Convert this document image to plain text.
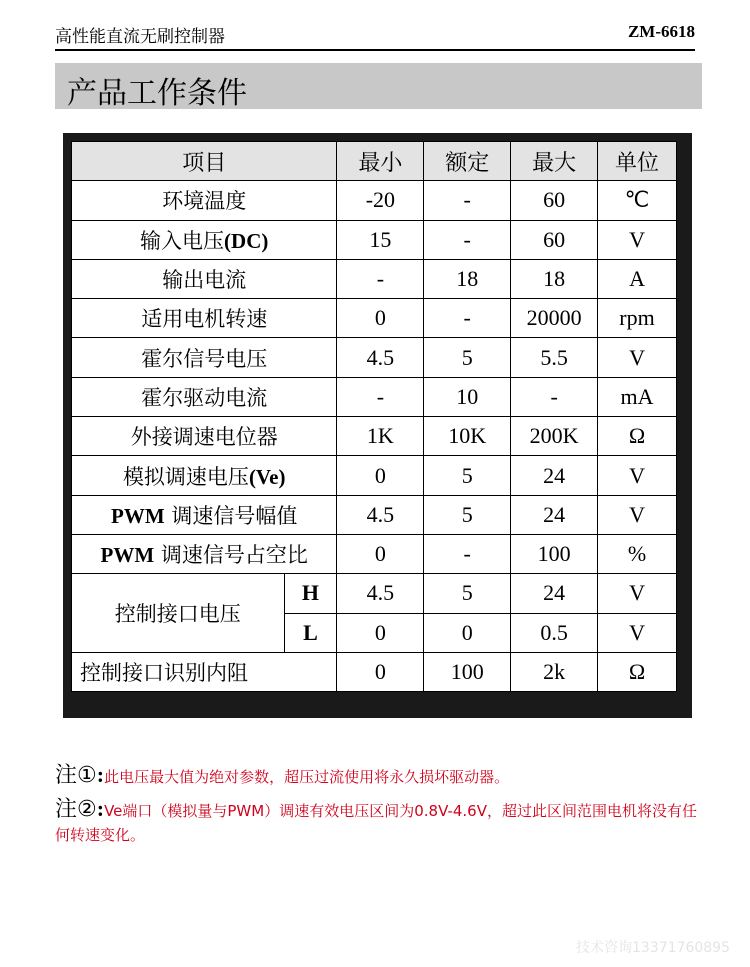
高性能直流无刷控制器	ZM-6618
产品工作条件
项目		最小	额定	最大	单位
环境温度		-20	-	60	℃
输入电压(DC)		15	-	60	V
输出电流		-	18	18	A
适用电机转速		0	-	20000	rpm
霍尔信号电压		4.5	5	5.5	V
霍尔驱动电流		-	10	-	mA
外接调速电位器		1K	10K	200K	Ω
模拟调速电压(Ve)		0	5	24	V
PWM 调速信号幅值		4.5	5	24	V
PWM 调速信号占空比		0	-	100	%
控制接口电压	H	4.5	5	24	V
	L	0	0	0.5	V
控制接口识别内阻		0	100	2k	Ω
注①:此电压最大值为绝对参数，超压过流使用将永久损坏驱动器。
注②:Ve端口（模拟量与PWM）调速有效电压区间为0.8V-4.6V，超过此区间范围电机将没有任何转速变化。
技术咨询13371760895
